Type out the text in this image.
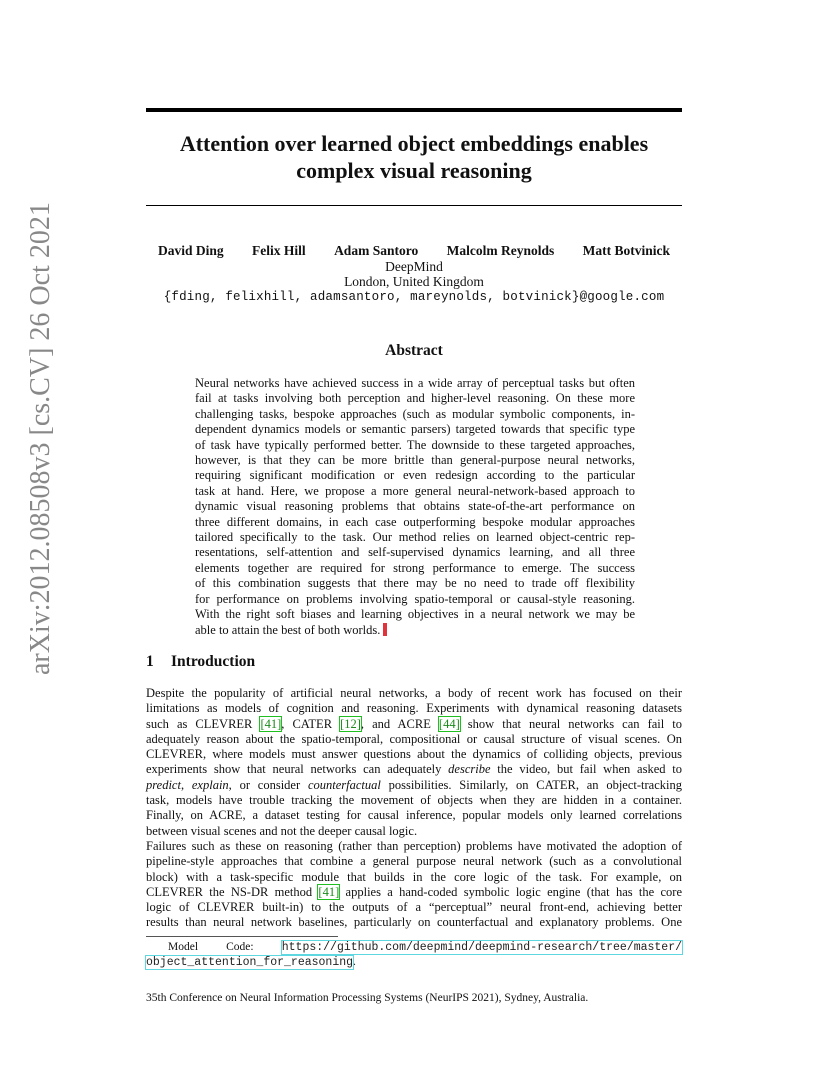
arXiv:2012.08508v3 [cs.CV] 26 Oct 2021
Attention over learned object embeddings enables
complex visual reasoning
David Ding Felix Hill Adam Santoro Malcolm Reynolds Matt Botvinick
DeepMind
London, United Kingdom
{fding, felixhill, adamsantoro, mareynolds, botvinick}@google.com
Abstract
Neural networks have achieved success in a wide array of perceptual tasks but often
fail at tasks involving both perception and higher-level reasoning. On these more
challenging tasks, bespoke approaches (such as modular symbolic components, in-
dependent dynamics models or semantic parsers) targeted towards that specific type
of task have typically performed better. The downside to these targeted approaches,
however, is that they can be more brittle than general-purpose neural networks,
requiring significant modification or even redesign according to the particular
task at hand. Here, we propose a more general neural-network-based approach to
dynamic visual reasoning problems that obtains state-of-the-art performance on
three different domains, in each case outperforming bespoke modular approaches
tailored specifically to the task. Our method relies on learned object-centric rep-
resentations, self-attention and self-supervised dynamics learning, and all three
elements together are required for strong performance to emerge. The success
of this combination suggests that there may be no need to trade off flexibility
for performance on problems involving spatio-temporal or causal-style reasoning.
With the right soft biases and learning objectives in a neural network we may be
able to attain the best of both worlds.
1 Introduction
Despite the popularity of artificial neural networks, a body of recent work has focused on their
limitations as models of cognition and reasoning. Experiments with dynamical reasoning datasets
such as CLEVRER [41], CATER [12], and ACRE [44] show that neural networks can fail to
adequately reason about the spatio-temporal, compositional or causal structure of visual scenes. On
CLEVRER, where models must answer questions about the dynamics of colliding objects, previous
experiments show that neural networks can adequately describe the video, but fail when asked to
predict, explain, or consider counterfactual possibilities. Similarly, on CATER, an object-tracking
task, models have trouble tracking the movement of objects when they are hidden in a container.
Finally, on ACRE, a dataset testing for causal inference, popular models only learned correlations
between visual scenes and not the deeper causal logic.
Failures such as these on reasoning (rather than perception) problems have motivated the adoption of
pipeline-style approaches that combine a general purpose neural network (such as a convolutional
block) with a task-specific module that builds in the core logic of the task. For example, on
CLEVRER the NS-DR method [41] applies a hand-coded symbolic logic engine (that has the core
logic of CLEVRER built-in) to the outputs of a “perceptual” neural front-end, achieving better
results than neural network baselines, particularly on counterfactual and explanatory problems. One
Model Code: https://github.com/deepmind/deepmind-research/tree/master/
object_attention_for_reasoning.
35th Conference on Neural Information Processing Systems (NeurIPS 2021), Sydney, Australia.
